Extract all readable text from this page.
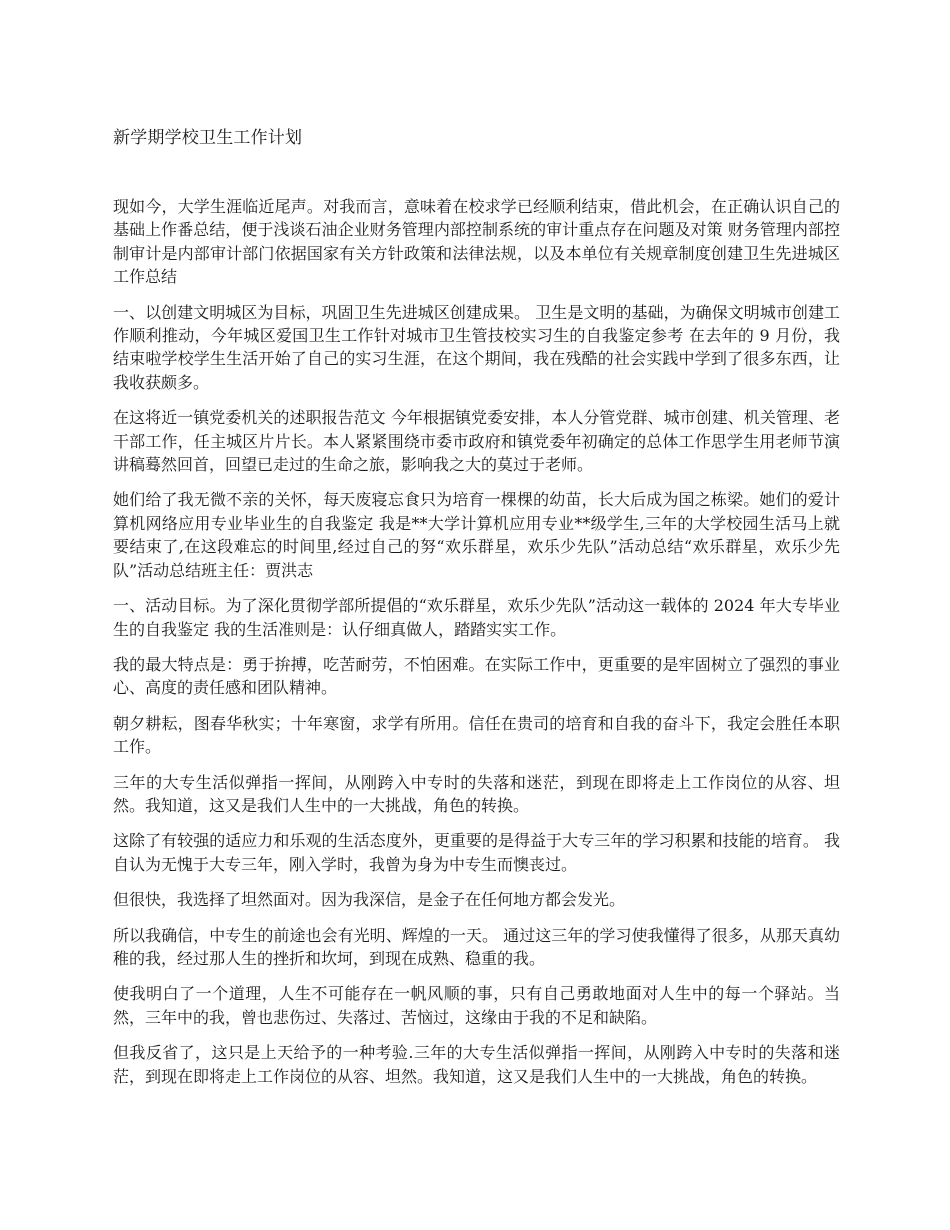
新学期学校卫生工作计划

现如今，大学生涯临近尾声。对我而言，意味着在校求学已经顺利结束，借此机会，在正确认识自己的基础上作番总结，便于浅谈石油企业财务管理内部控制系统的审计重点存在问题及对策 财务管理内部控制审计是内部审计部门依据国家有关方针政策和法律法规，以及本单位有关规章制度创建卫生先进城区工作总结

一、以创建文明城区为目标，巩固卫生先进城区创建成果。 卫生是文明的基础，为确保文明城市创建工作顺利推动，今年城区爱国卫生工作针对城市卫生管技校实习生的自我鉴定参考 在去年的 9 月份，我结束啦学校学生生活开始了自己的实习生涯，在这个期间，我在残酷的社会实践中学到了很多东西，让我收获颇多。

在这将近一镇党委机关的述职报告范文 今年根据镇党委安排，本人分管党群、城市创建、机关管理、老干部工作，任主城区片片长。本人紧紧围绕市委市政府和镇党委年初确定的总体工作思学生用老师节演讲稿蓦然回首，回望已走过的生命之旅，影响我之大的莫过于老师。

她们给了我无微不亲的关怀，每天废寝忘食只为培育一棵棵的幼苗，长大后成为国之栋梁。她们的爱计算机网络应用专业毕业生的自我鉴定 我是**大学计算机应用专业**级学生,三年的大学校园生活马上就要结束了,在这段难忘的时间里,经过自己的努“欢乐群星，欢乐少先队”活动总结“欢乐群星，欢乐少先队”活动总结班主任：贾洪志

一、活动目标。为了深化贯彻学部所提倡的“欢乐群星，欢乐少先队”活动这一载体的 2024 年大专毕业生的自我鉴定 我的生活准则是：认仔细真做人，踏踏实实工作。

我的最大特点是：勇于拚搏，吃苦耐劳，不怕困难。在实际工作中，更重要的是牢固树立了强烈的事业心、高度的责任感和团队精神。

朝夕耕耘，图春华秋实；十年寒窗，求学有所用。信任在贵司的培育和自我的奋斗下，我定会胜任本职工作。

三年的大专生活似弹指一挥间，从刚跨入中专时的失落和迷茫，到现在即将走上工作岗位的从容、坦然。我知道，这又是我们人生中的一大挑战，角色的转换。

这除了有较强的适应力和乐观的生活态度外，更重要的是得益于大专三年的学习积累和技能的培育。 我自认为无愧于大专三年，刚入学时，我曾为身为中专生而懊丧过。

但很快，我选择了坦然面对。因为我深信，是金子在任何地方都会发光。

所以我确信，中专生的前途也会有光明、辉煌的一天。 通过这三年的学习使我懂得了很多，从那天真幼稚的我，经过那人生的挫折和坎坷，到现在成熟、稳重的我。

使我明白了一个道理，人生不可能存在一帆风顺的事，只有自己勇敢地面对人生中的每一个驿站。当然，三年中的我，曾也悲伤过、失落过、苦恼过，这缘由于我的不足和缺陷。

但我反省了，这只是上天给予的一种考验.三年的大专生活似弹指一挥间，从刚跨入中专时的失落和迷茫，到现在即将走上工作岗位的从容、坦然。我知道，这又是我们人生中的一大挑战，角色的转换。
